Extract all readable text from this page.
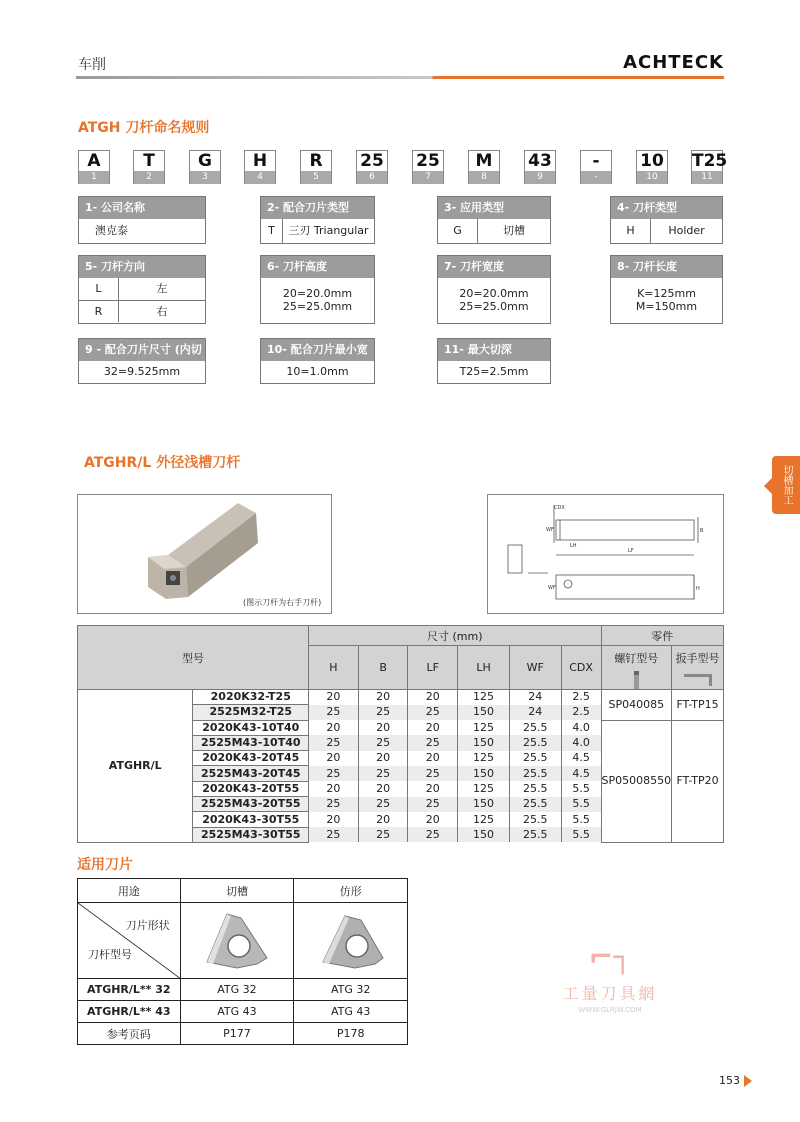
车削	ACHTECK
ATGH 刀杆命名规则
A
1
T
2
G
3
H
4
R
5
25
6
25
7
M
8
43
9
-
-
10
10
T25
11
1- 公司名称
澳克泰
2- 配合刀片类型
T	三刃 Triangular
3- 应用类型
G	切槽
4- 刀杆类型
H	Holder
5- 刀杆方向
L	左
R	右
6- 刀杆高度
20=20.0mm
25=25.0mm
7- 刀杆宽度
20=20.0mm
25=25.0mm
8- 刀杆长度
K=125mm
M=150mm
9 - 配合刀片尺寸 (内切圆) 32=9.525mm
10- 配合刀片最小宽度 10=1.0mm
11- 最大切深
T25=2.5mm
ATGHR/L 外径浅槽刀杆
切槽加工
(图示刀杆为右手刀杆)
CDX
WF
LH
LF
B
WF	H
型号		尺寸 (mm)						零件	
		H	B	LF	LH	WF	CDX	螺钉型号	扳手型号

ATGHR/L	2020K32-T25	20	20	20	125	24	2.5	SP040085	FT-TP15
	2525M32-T25	25	25	25	150	24	2.5		
	2020K43-10T40	20	20	20	125	25.5	4.0	SP05008550	FT-TP20
	2525M43-10T40	25	25	25	150	25.5	4.0		
	2020K43-20T45	20	20	20	125	25.5	4.5		
	2525M43-20T45	25	25	25	150	25.5	4.5		
	2020K43-20T55	20	20	20	125	25.5	5.5		
	2525M43-20T55	25	25	25	150	25.5	5.5		
	2020K43-30T55	20	20	20	125	25.5	5.5		
	2525M43-30T55	25	25	25	150	25.5	5.5		
适用刀片
用途	切槽	仿形

刀片形状
刀杆型号

ATGHR/L** 32	ATG 32	ATG 32
ATGHR/L** 43	ATG 43	ATG 43
参考页码	P177	P178
⌐┐
工量刀具網
WWW.GLRJW.COM
153
